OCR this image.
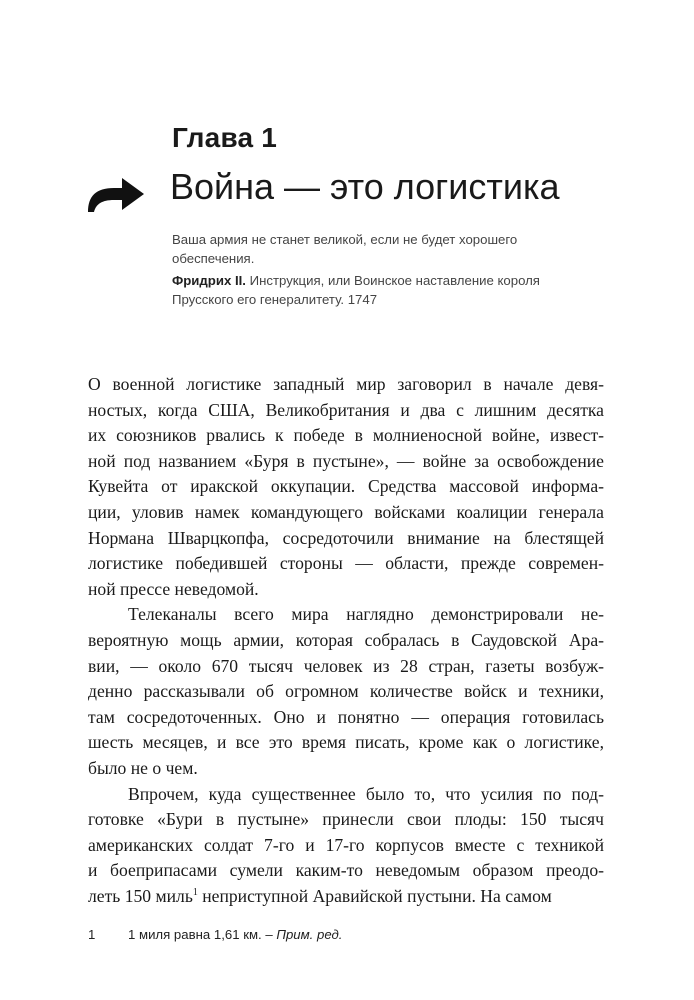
Глава 1
Война — это логистика

Ваша армия не станет великой, если не будет хорошего
обеспечения.

Фридрих II. Инструкция, или Воинское наставление короля
Прусского его генералитету. 1747

О военной логистике западный мир заговорил в начале девя-
ностых, когда США, Великобритания и два с лишним десятка
их союзников рвались к победе в молниеносной войне, извест-
ной под названием «Буря в пустыне», — войне за освобождение
Кувейта от иракской оккупации. Средства массовой информа-
ции, уловив намек командующего войсками коалиции генерала
Нормана Шварцкопфа, сосредоточили внимание на блестящей
логистике победившей стороны — области, прежде современ-
ной прессе неведомой.
Телеканалы всего мира наглядно демонстрировали не-
вероятную мощь армии, которая собралась в Саудовской Ара-
вии, — около 670 тысяч человек из 28 стран, газеты возбуж-
денно рассказывали об огромном количестве войск и техники,
там сосредоточенных. Оно и понятно — операция готовилась
шесть месяцев, и все это время писать, кроме как о логистике,
было не о чем.
Впрочем, куда существеннее было то, что усилия по под-
готовке «Бури в пустыне» принесли свои плоды: 150 тысяч
американских солдат 7-го и 17-го корпусов вместе с техникой
и боеприпасами сумели каким-то неведомым образом преодо-
леть 150 миль$^1$ неприступной Аравийской пустыни. На самом
1 1 миля равна 1,61 км. – Прим. ред.
